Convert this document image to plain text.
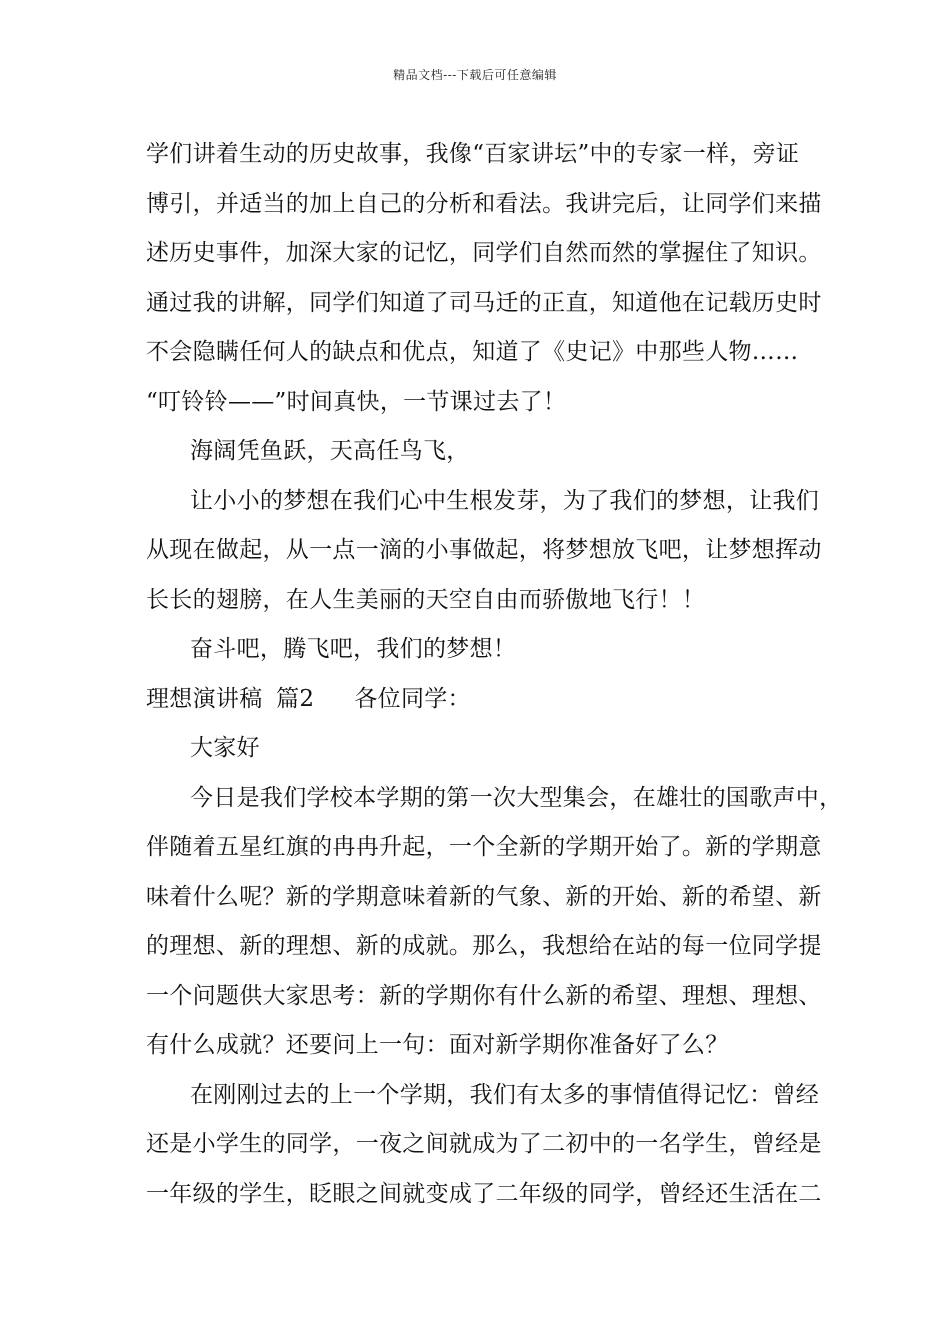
精品文档---下载后可任意编辑
学们讲着生动的历史故事，我像“百家讲坛”中的专家一样，旁证
博引，并适当的加上自己的分析和看法。我讲完后，让同学们来描
述历史事件，加深大家的记忆，同学们自然而然的掌握住了知识。
通过我的讲解，同学们知道了司马迁的正直，知道他在记载历史时
不会隐瞒任何人的缺点和优点，知道了《史记》中那些人物……
“叮铃铃——”时间真快，一节课过去了！
海阔凭鱼跃，天高任鸟飞，
让小小的梦想在我们心中生根发芽，为了我们的梦想，让我们
从现在做起，从一点一滴的小事做起，将梦想放飞吧，让梦想挥动
长长的翅膀，在人生美丽的天空自由而骄傲地飞行！！
奋斗吧，腾飞吧，我们的梦想！
理想演讲稿 篇2 各位同学：
大家好
今日是我们学校本学期的第一次大型集会，在雄壮的国歌声中，
伴随着五星红旗的冉冉升起，一个全新的学期开始了。新的学期意
味着什么呢？新的学期意味着新的气象、新的开始、新的希望、新
的理想、新的理想、新的成就。那么，我想给在站的每一位同学提
一个问题供大家思考：新的学期你有什么新的希望、理想、理想、
有什么成就？还要问上一句：面对新学期你准备好了么？
在刚刚过去的上一个学期，我们有太多的事情值得记忆：曾经
还是小学生的同学，一夜之间就成为了二初中的一名学生，曾经是
一年级的学生，眨眼之间就变成了二年级的同学，曾经还生活在二
